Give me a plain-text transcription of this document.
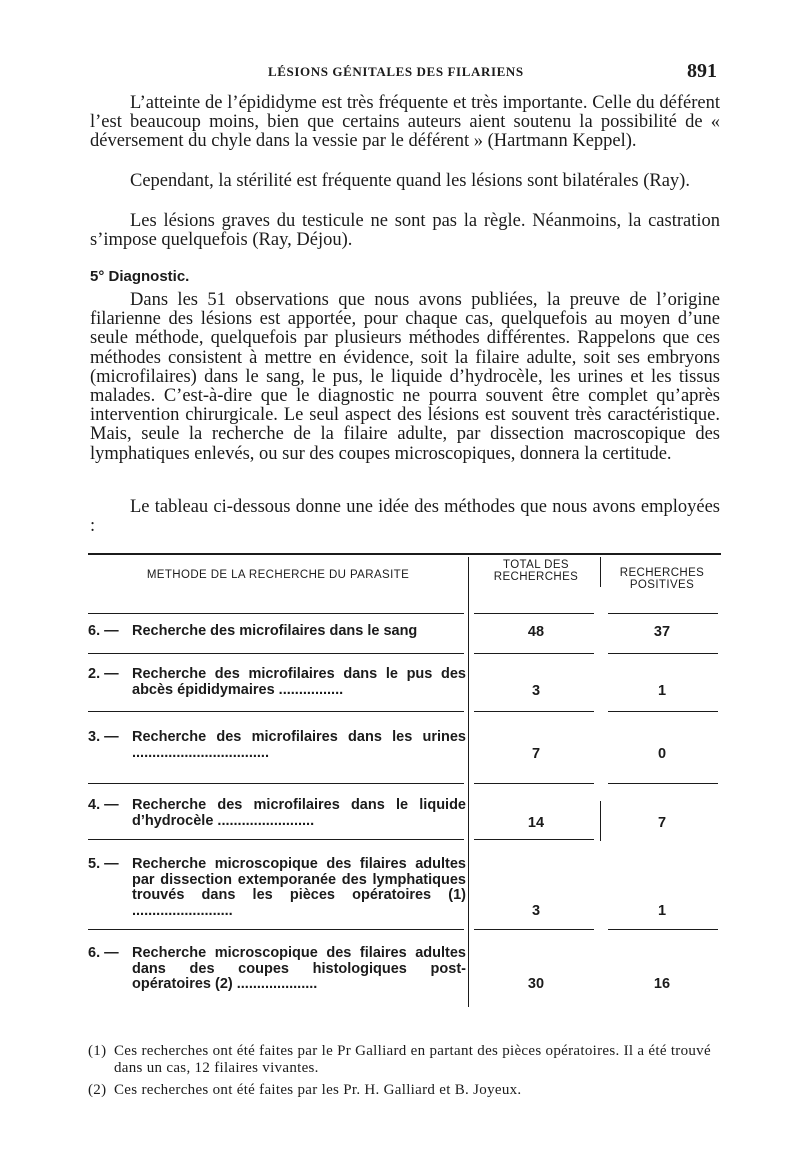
LÉSIONS GÉNITALES DES FILARIENS	891

L’atteinte de l’épididyme est très fréquente et très importante. Celle du déférent l’est beaucoup moins, bien que certains auteurs aient soutenu la possibilité de « déversement du chyle dans la vessie par le déférent » (Hartmann Keppel).

Cependant, la stérilité est fréquente quand les lésions sont bilatérales (Ray).

Les lésions graves du testicule ne sont pas la règle. Néanmoins, la castration s’impose quelquefois (Ray, Déjou).

5° Diagnostic.

Dans les 51 observations que nous avons publiées, la preuve de l’origine filarienne des lésions est apportée, pour chaque cas, quelquefois au moyen d’une seule méthode, quelquefois par plusieurs méthodes différentes. Rappelons que ces méthodes consistent à mettre en évidence, soit la filaire adulte, soit ses embryons (microfilaires) dans le sang, le pus, le liquide d’hydrocèle, les urines et les tissus malades. C’est-à-dire que le diagnostic ne pourra souvent être complet qu’après intervention chirurgicale. Le seul aspect des lésions est souvent très caractéristique. Mais, seule la recherche de la filaire adulte, par dissection macroscopique des lymphatiques enlevés, ou sur des coupes microscopiques, donnera la certitude.

Le tableau ci-dessous donne une idée des méthodes que nous avons employées :

METHODE DE LA RECHERCHE DU PARASITE
TOTAL DES RECHERCHES	RECHERCHES POSITIVES
6. — Recherche des microfilaires dans le sang	48	37
2. — Recherche des microfilaires dans le pus des abcès épididymaires ................	3	1
3. — Recherche des microfilaires dans les urines ..................................	7	0
4. — Recherche des microfilaires dans le liquide d’hydrocèle ........................	14	7
5. — Recherche microscopique des filaires adultes par dissection extemporanée des lymphatiques trouvés dans les pièces opératoires (1) .........................	3	1
6. — Recherche microscopique des filaires adultes dans des coupes histologiques post-opératoires (2) ....................	30	16
(1) Ces recherches ont été faites par le Pr Galliard en partant des pièces opératoires. Il a été trouvé dans un cas, 12 filaires vivantes.
(2) Ces recherches ont été faites par les Pr. H. Galliard et B. Joyeux.
